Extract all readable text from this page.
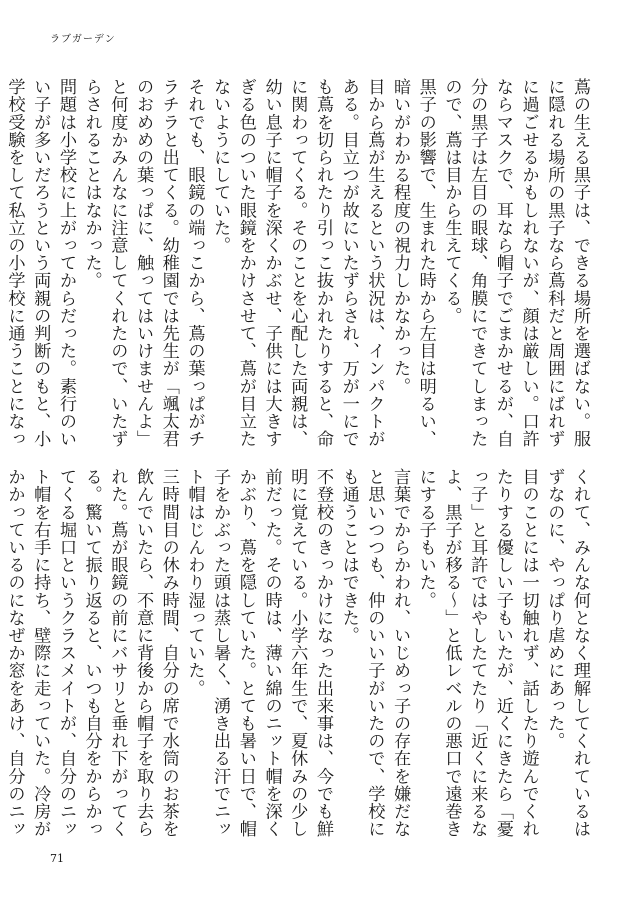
ラブガーデン

蔦の生える黒子は、できる場所を選ばない。服に隠れる場所の黒子なら蔦科だと周囲にばれずに過ごせるかもしれないが、顔は厳しい。口許ならマスクで、耳なら帽子でごまかせるが、自分の黒子は左目の眼球、角膜にできてしまったので、蔦は目から生えてくる。

黒子の影響で、生まれた時から左目は明るい、暗いがわかる程度の視力しかなかった。

目から蔦が生えるという状況は、インパクトがある。目立つが故にいたずらされ、万が一にでも蔦を切られたり引っこ抜かれたりすると、命に関わってくる。そのことを心配した両親は、幼い息子に帽子を深くかぶせ、子供には大きすぎる色のついた眼鏡をかけさせて、蔦が目立たないようにしていた。

それでも、眼鏡の端っこから、蔦の葉っぱがチラチラと出てくる。幼稚園では先生が「颯太君のおめめの葉っぱに、触ってはいけませんよ」と何度かみんなに注意してくれたので、いたずらされることはなかった。

問題は小学校に上がってからだった。素行のいい子が多いだろうという両親の判断のもと、小学校受験をして私立の小学校に通うことになっ

くれて、みんな何となく理解してくれているはずなのに、やっぱり虐めにあった。

目のことには一切触れず、話したり遊んでくれたりする優しい子もいたが、近くにきたら「憂っ子」と耳許ではやしたてたり「近くに来るなよ、黒子が移る〜」と低レベルの悪口で遠巻きにする子もいた。

言葉でからかわれ、いじめっ子の存在を嫌だなと思いつつも、仲のいい子がいたので、学校にも通うことはできた。

不登校のきっかけになった出来事は、今でも鮮明に覚えている。小学六年生で、夏休みの少し前だった。その時は、薄い綿のニット帽を深くかぶり、蔦を隠していた。とても暑い日で、帽子をかぶった頭は蒸し暑く、湧き出る汗でニット帽はじんわり湿っていた。

三時間目の休み時間、自分の席で水筒のお茶を飲んでいたら、不意に背後から帽子を取り去られた。蔦が眼鏡の前にバサリと垂れ下がってくる。驚いて振り返ると、いつも自分をからかってくる堀口というクラスメイトが、自分のニット帽を右手に持ち、壁際に走っていた。冷房がかかっているのになぜか窓をあけ、自分のニッ

71
